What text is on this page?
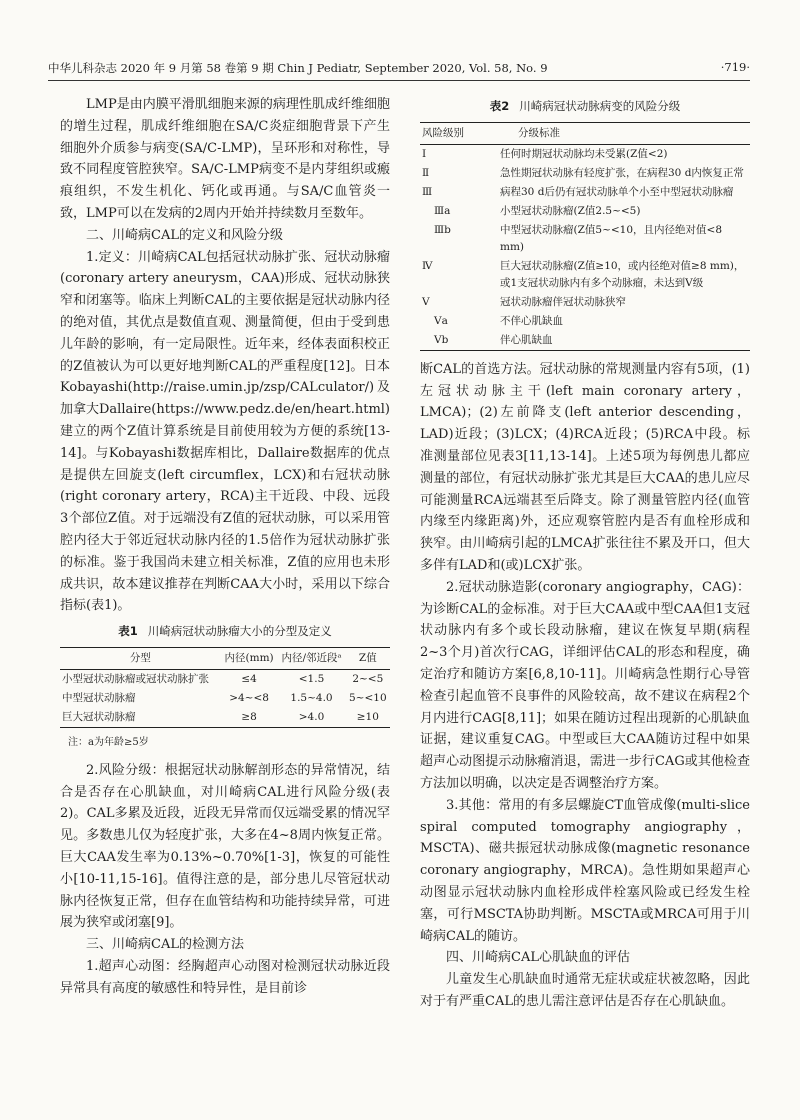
中华儿科杂志 2020 年 9 月第 58 卷第 9 期 Chin J Pediatr, September 2020, Vol. 58, No. 9	·719·

LMP是由内膜平滑肌细胞来源的病理性肌成纤维细胞的增生过程，肌成纤维细胞在SA/C炎症细胞背景下产生细胞外介质参与病变(SA/C-LMP)，呈环形和对称性，导致不同程度管腔狭窄。SA/C-LMP病变不是内芽组织或瘢痕组织，不发生机化、钙化或再通。与SA/C血管炎一致，LMP可以在发病的2周内开始并持续数月至数年。

二、川崎病CAL的定义和风险分级

1.定义：川崎病CAL包括冠状动脉扩张、冠状动脉瘤(coronary artery aneurysm，CAA)形成、冠状动脉狭窄和闭塞等。临床上判断CAL的主要依据是冠状动脉内径的绝对值，其优点是数值直观、测量简便，但由于受到患儿年龄的影响，有一定局限性。近年来，经体表面积校正的Z值被认为可以更好地判断CAL的严重程度[12]。日本Kobayashi(http://raise.umin.jp/zsp/CALculator/)及加拿大Dallaire(https://www.pedz.de/en/heart.html)建立的两个Z值计算系统是目前使用较为方便的系统[13-14]。与Kobayashi数据库相比，Dallaire数据库的优点是提供左回旋支(left circumflex，LCX)和右冠状动脉(right coronary artery，RCA)主干近段、中段、远段3个部位Z值。对于远端没有Z值的冠状动脉，可以采用管腔内径大于邻近冠状动脉内径的1.5倍作为冠状动脉扩张的标准。鉴于我国尚未建立相关标准，Z值的应用也未形成共识，故本建议推荐在判断CAA大小时，采用以下综合指标(表1)。

表1 川崎病冠状动脉瘤大小的分型及定义
分型	内径(mm)	内径/邻近段ᵃ	Z值
小型冠状动脉瘤或冠状动脉扩张	≤4	<1.5	2~<5
中型冠状动脉瘤	>4~<8	1.5~4.0	5~<10
巨大冠状动脉瘤	≥8	>4.0	≥10
注：a为年龄≥5岁

2.风险分级：根据冠状动脉解剖形态的异常情况，结合是否存在心肌缺血，对川崎病CAL进行风险分级(表2)。CAL多累及近段，近段无异常而仅远端受累的情况罕见。多数患儿仅为轻度扩张，大多在4~8周内恢复正常。巨大CAA发生率为0.13%~0.70%[1-3]，恢复的可能性小[10-11,15-16]。值得注意的是，部分患儿尽管冠状动脉内径恢复正常，但存在血管结构和功能持续异常，可进展为狭窄或闭塞[9]。

三、川崎病CAL的检测方法

1.超声心动图：经胸超声心动图对检测冠状动脉近段异常具有高度的敏感性和特异性，是目前诊

表2 川崎病冠状动脉病变的风险分级
风险级别	分级标准
Ⅰ	任何时期冠状动脉均未受累(Z值<2)
Ⅱ	急性期冠状动脉有轻度扩张，在病程30 d内恢复正常
Ⅲ	病程30 d后仍有冠状动脉单个小至中型冠状动脉瘤
Ⅲa	小型冠状动脉瘤(Z值2.5~<5)
Ⅲb	中型冠状动脉瘤(Z值5~<10，且内径绝对值<8 mm)
Ⅳ	巨大冠状动脉瘤(Z值≥10，或内径绝对值≥8 mm)，或1支冠状动脉内有多个动脉瘤，未达到Ⅴ级
Ⅴ	冠状动脉瘤伴冠状动脉狭窄
Ⅴa	不伴心肌缺血
Ⅴb	伴心肌缺血

断CAL的首选方法。冠状动脉的常规测量内容有5项，(1)左冠状动脉主干(left main coronary artery，LMCA)；(2)左前降支(left anterior descending，LAD)近段；(3)LCX；(4)RCA近段；(5)RCA中段。标准测量部位见表3[11,13-14]。上述5项为每例患儿都应测量的部位，有冠状动脉扩张尤其是巨大CAA的患儿应尽可能测量RCA远端甚至后降支。除了测量管腔内径(血管内缘至内缘距离)外，还应观察管腔内是否有血栓形成和狭窄。由川崎病引起的LMCA扩张往往不累及开口，但大多伴有LAD和(或)LCX扩张。

2.冠状动脉造影(coronary angiography，CAG)：为诊断CAL的金标准。对于巨大CAA或中型CAA但1支冠状动脉内有多个或长段动脉瘤，建议在恢复早期(病程2~3个月)首次行CAG，详细评估CAL的形态和程度，确定治疗和随访方案[6,8,10-11]。川崎病急性期行心导管检查引起血管不良事件的风险较高，故不建议在病程2个月内进行CAG[8,11]；如果在随访过程出现新的心肌缺血证据，建议重复CAG。中型或巨大CAA随访过程中如果超声心动图提示动脉瘤消退，需进一步行CAG或其他检查方法加以明确，以决定是否调整治疗方案。

3.其他：常用的有多层螺旋CT血管成像(multi-slice spiral computed tomography angiography，MSCTA)、磁共振冠状动脉成像(magnetic resonance coronary angiography，MRCA)。急性期如果超声心动图显示冠状动脉内血栓形成伴栓塞风险或已经发生栓塞，可行MSCTA协助判断。MSCTA或MRCA可用于川崎病CAL的随访。

四、川崎病CAL心肌缺血的评估

儿童发生心肌缺血时通常无症状或症状被忽略，因此对于有严重CAL的患儿需注意评估是否存在心肌缺血。
